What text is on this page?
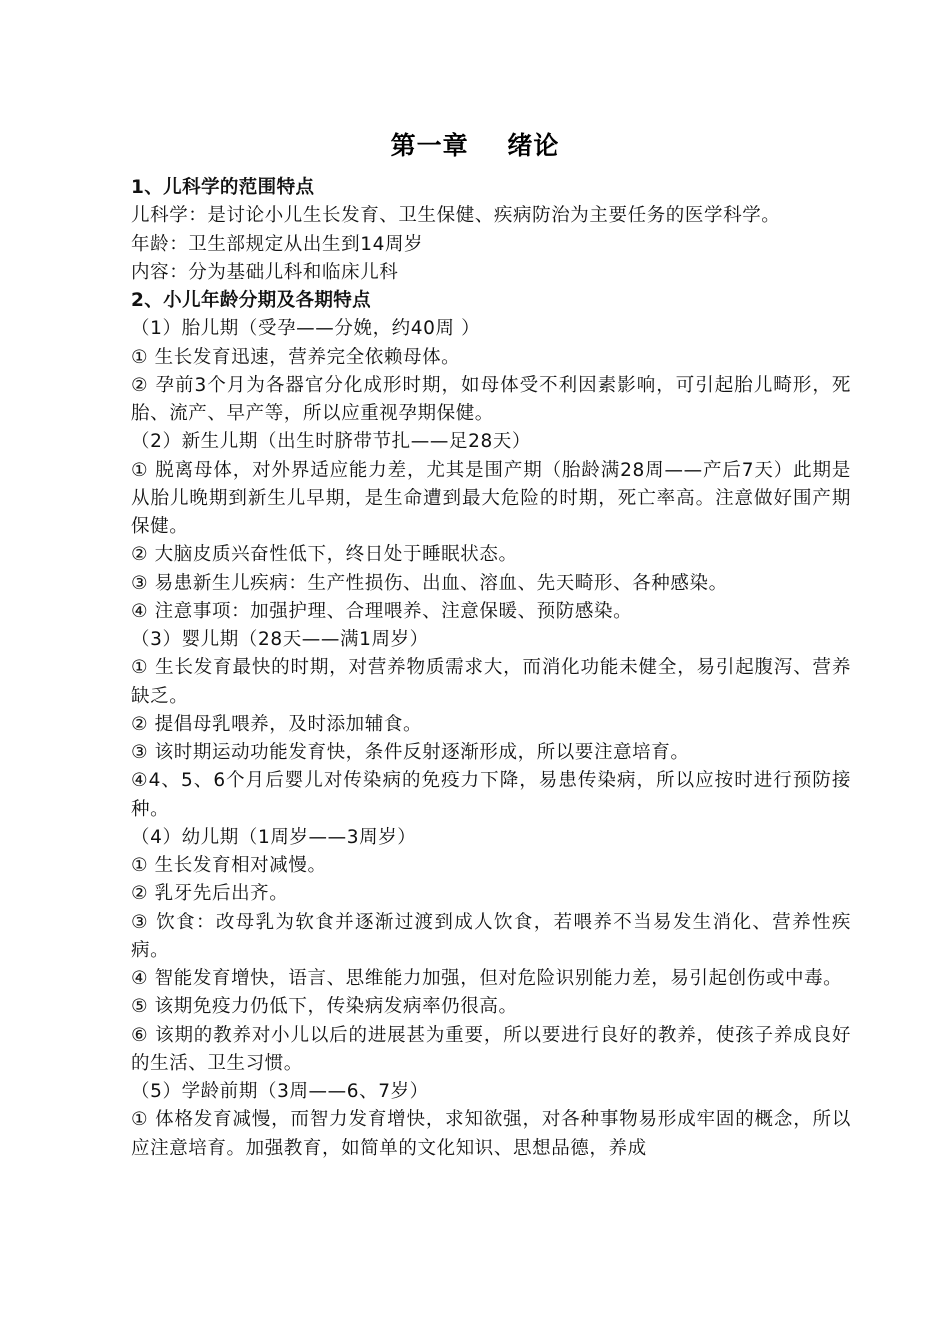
第一章    绪论
1、儿科学的范围特点
儿科学：是讨论小儿生长发育、卫生保健、疾病防治为主要任务的医学科学。
年龄：卫生部规定从出生到14周岁
内容：分为基础儿科和临床儿科
2、小儿年龄分期及各期特点
（1）胎儿期（受孕——分娩，约40周 ）
① 生长发育迅速，营养完全依赖母体。
② 孕前3个月为各器官分化成形时期，如母体受不利因素影响，可引起胎儿畸形，死胎、流产、早产等，所以应重视孕期保健。
（2）新生儿期（出生时脐带节扎——足28天）
① 脱离母体，对外界适应能力差，尤其是围产期（胎龄满28周——产后7天）此期是从胎儿晚期到新生儿早期，是生命遭到最大危险的时期，死亡率高。注意做好围产期保健。
② 大脑皮质兴奋性低下，终日处于睡眠状态。
③ 易患新生儿疾病：生产性损伤、出血、溶血、先天畸形、各种感染。
④ 注意事项：加强护理、合理喂养、注意保暖、预防感染。
（3）婴儿期（28天——满1周岁）
① 生长发育最快的时期，对营养物质需求大，而消化功能未健全，易引起腹泻、营养缺乏。
② 提倡母乳喂养，及时添加辅食。
③ 该时期运动功能发育快，条件反射逐渐形成，所以要注意培育。
④4、5、6个月后婴儿对传染病的免疫力下降，易患传染病，所以应按时进行预防接种。
（4）幼儿期（1周岁——3周岁）
① 生长发育相对减慢。
② 乳牙先后出齐。
③ 饮食：改母乳为软食并逐渐过渡到成人饮食，若喂养不当易发生消化、营养性疾病。
④ 智能发育增快，语言、思维能力加强，但对危险识别能力差，易引起创伤或中毒。
⑤ 该期免疫力仍低下，传染病发病率仍很高。
⑥ 该期的教养对小儿以后的进展甚为重要，所以要进行良好的教养，使孩子养成良好的生活、卫生习惯。
（5）学龄前期（3周——6、7岁）
① 体格发育减慢，而智力发育增快，求知欲强，对各种事物易形成牢固的概念，所以应注意培育。加强教育，如简单的文化知识、思想品德，养成
